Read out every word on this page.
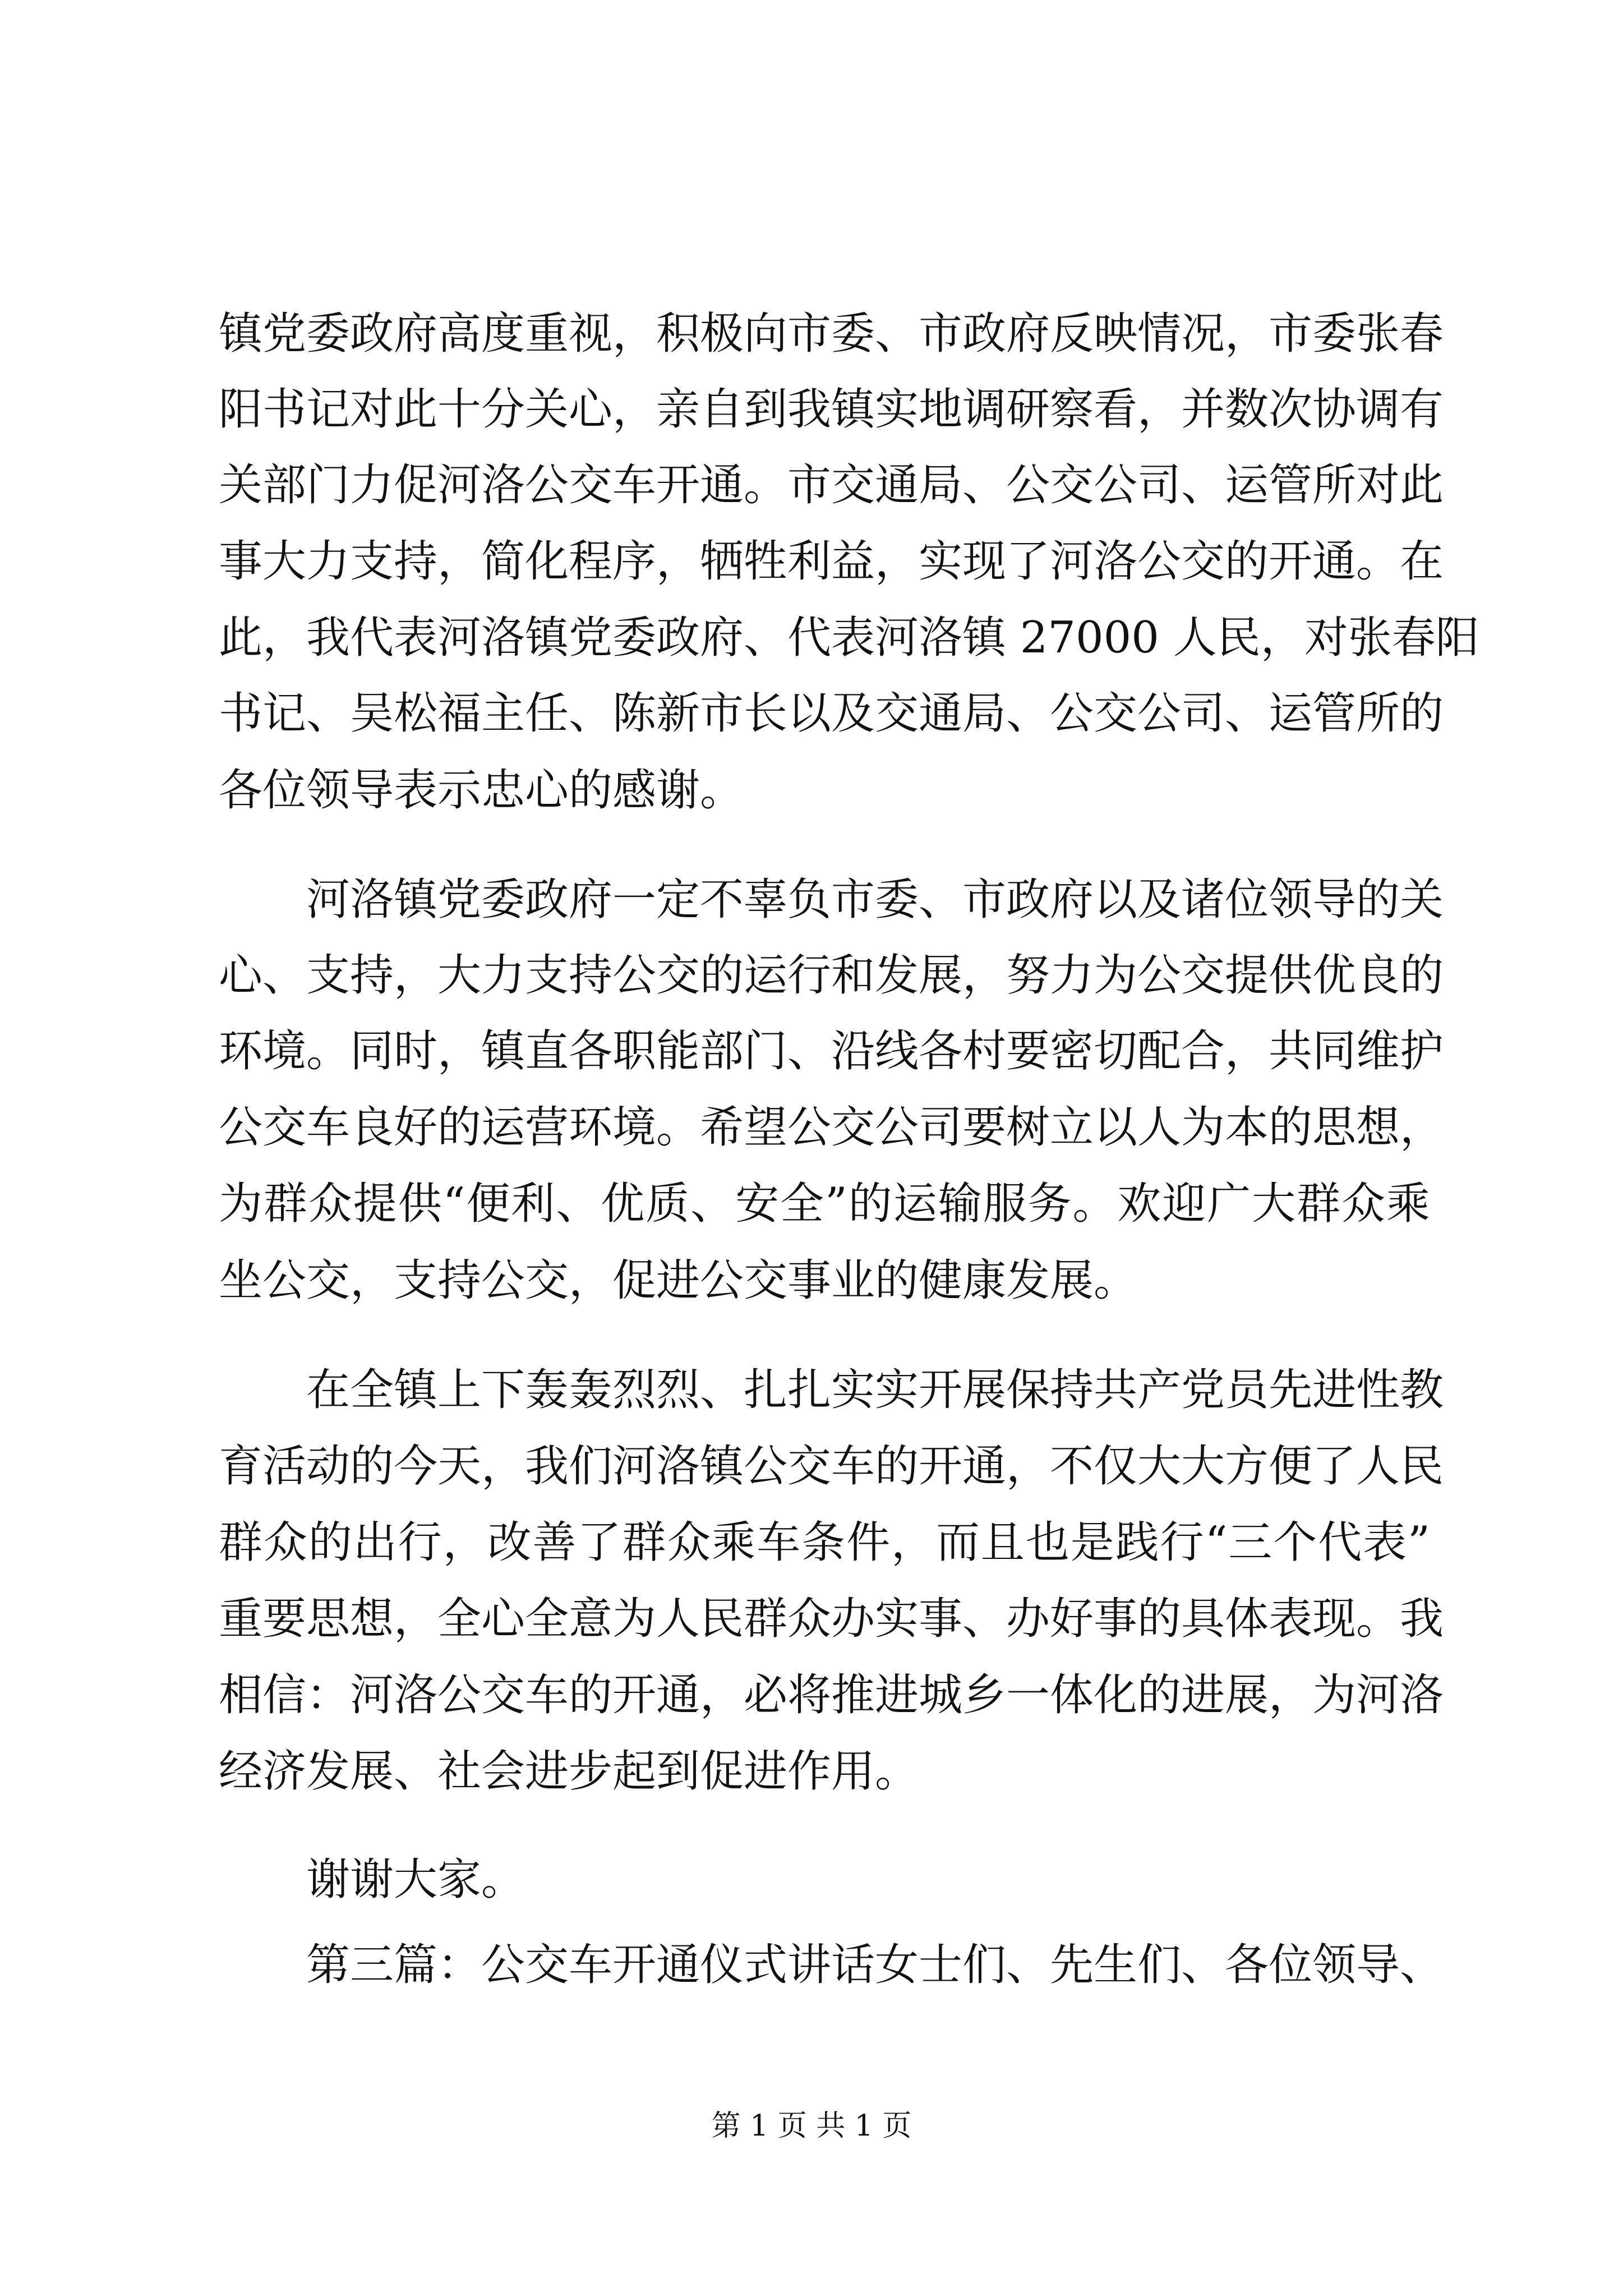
镇党委政府高度重视，积极向市委、市政府反映情况，市委张春
阳书记对此十分关心，亲自到我镇实地调研察看，并数次协调有
关部门力促河洛公交车开通。市交通局、公交公司、运管所对此
事大力支持，简化程序，牺牲利益，实现了河洛公交的开通。在
此，我代表河洛镇党委政府、代表河洛镇 27000 人民，对张春阳
书记、吴松福主任、陈新市长以及交通局、公交公司、运管所的
各位领导表示忠心的感谢。
河洛镇党委政府一定不辜负市委、市政府以及诸位领导的关
心、支持，大力支持公交的运行和发展，努力为公交提供优良的
环境。同时，镇直各职能部门、沿线各村要密切配合，共同维护
公交车良好的运营环境。希望公交公司要树立以人为本的思想，
为群众提供“便利、优质、安全”的运输服务。欢迎广大群众乘
坐公交，支持公交，促进公交事业的健康发展。
在全镇上下轰轰烈烈、扎扎实实开展保持共产党员先进性教
育活动的今天，我们河洛镇公交车的开通，不仅大大方便了人民
群众的出行，改善了群众乘车条件，而且也是践行“三个代表”
重要思想，全心全意为人民群众办实事、办好事的具体表现。我
相信：河洛公交车的开通，必将推进城乡一体化的进展，为河洛
经济发展、社会进步起到促进作用。
谢谢大家。
第三篇：公交车开通仪式讲话女士们、先生们、各位领导、
第 1 页 共 1 页
